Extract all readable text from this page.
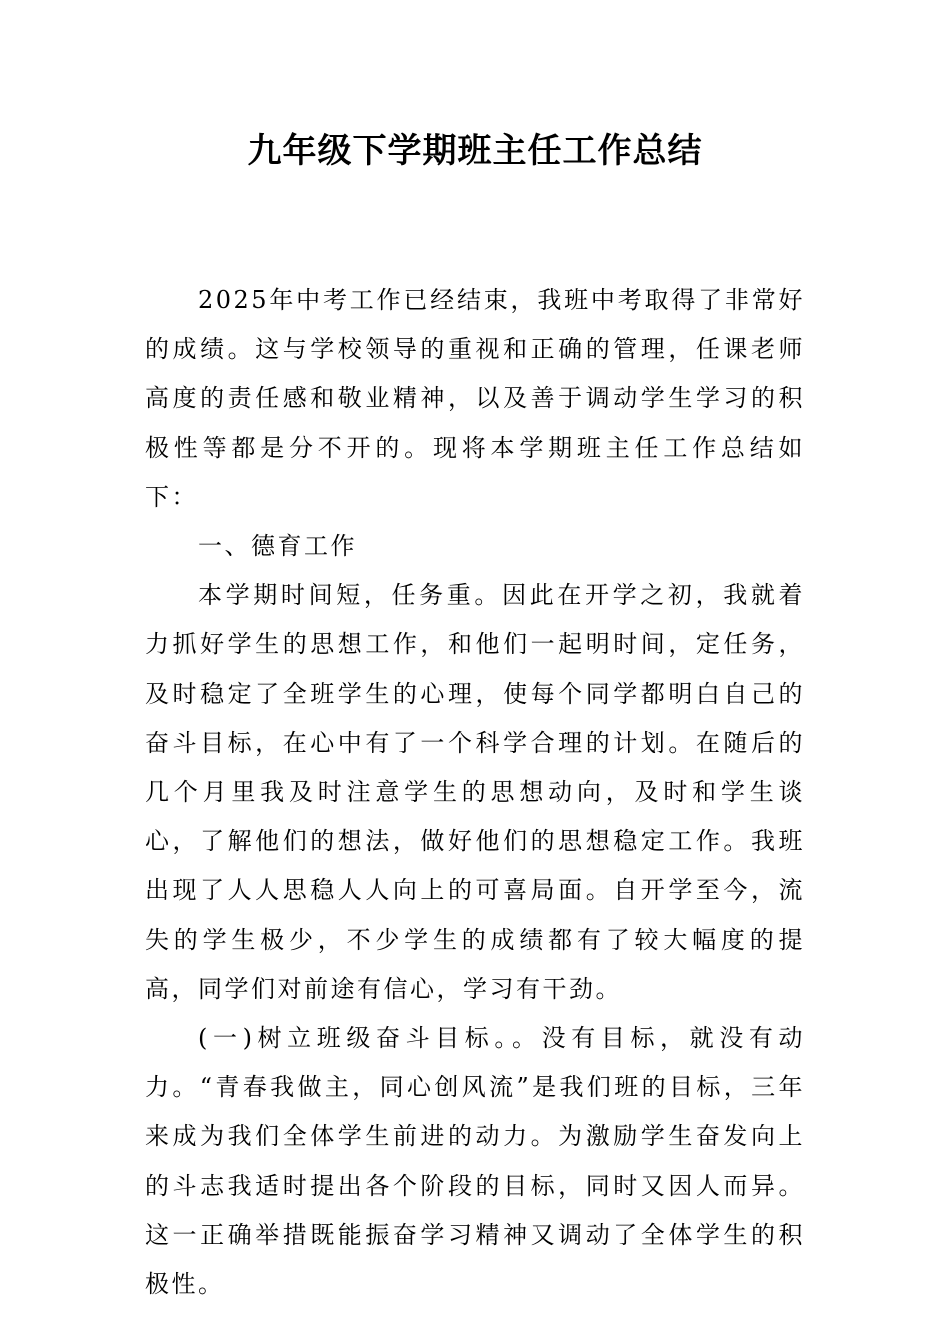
九年级下学期班主任工作总结

2025年中考工作已经结束，我班中考取得了非常好的成绩。这与学校领导的重视和正确的管理，任课老师高度的责任感和敬业精神，以及善于调动学生学习的积极性等都是分不开的。现将本学期班主任工作总结如下：

一、德育工作

本学期时间短，任务重。因此在开学之初，我就着力抓好学生的思想工作，和他们一起明时间，定任务，及时稳定了全班学生的心理，使每个同学都明白自己的奋斗目标，在心中有了一个科学合理的计划。在随后的几个月里我及时注意学生的思想动向，及时和学生谈心，了解他们的想法，做好他们的思想稳定工作。我班出现了人人思稳人人向上的可喜局面。自开学至今，流失的学生极少，不少学生的成绩都有了较大幅度的提高，同学们对前途有信心，学习有干劲。

(一)树立班级奋斗目标。。没有目标，就没有动力。“青春我做主，同心创风流”是我们班的目标，三年来成为我们全体学生前进的动力。为激励学生奋发向上的斗志我适时提出各个阶段的目标，同时又因人而异。这一正确举措既能振奋学习精神又调动了全体学生的积极性。
